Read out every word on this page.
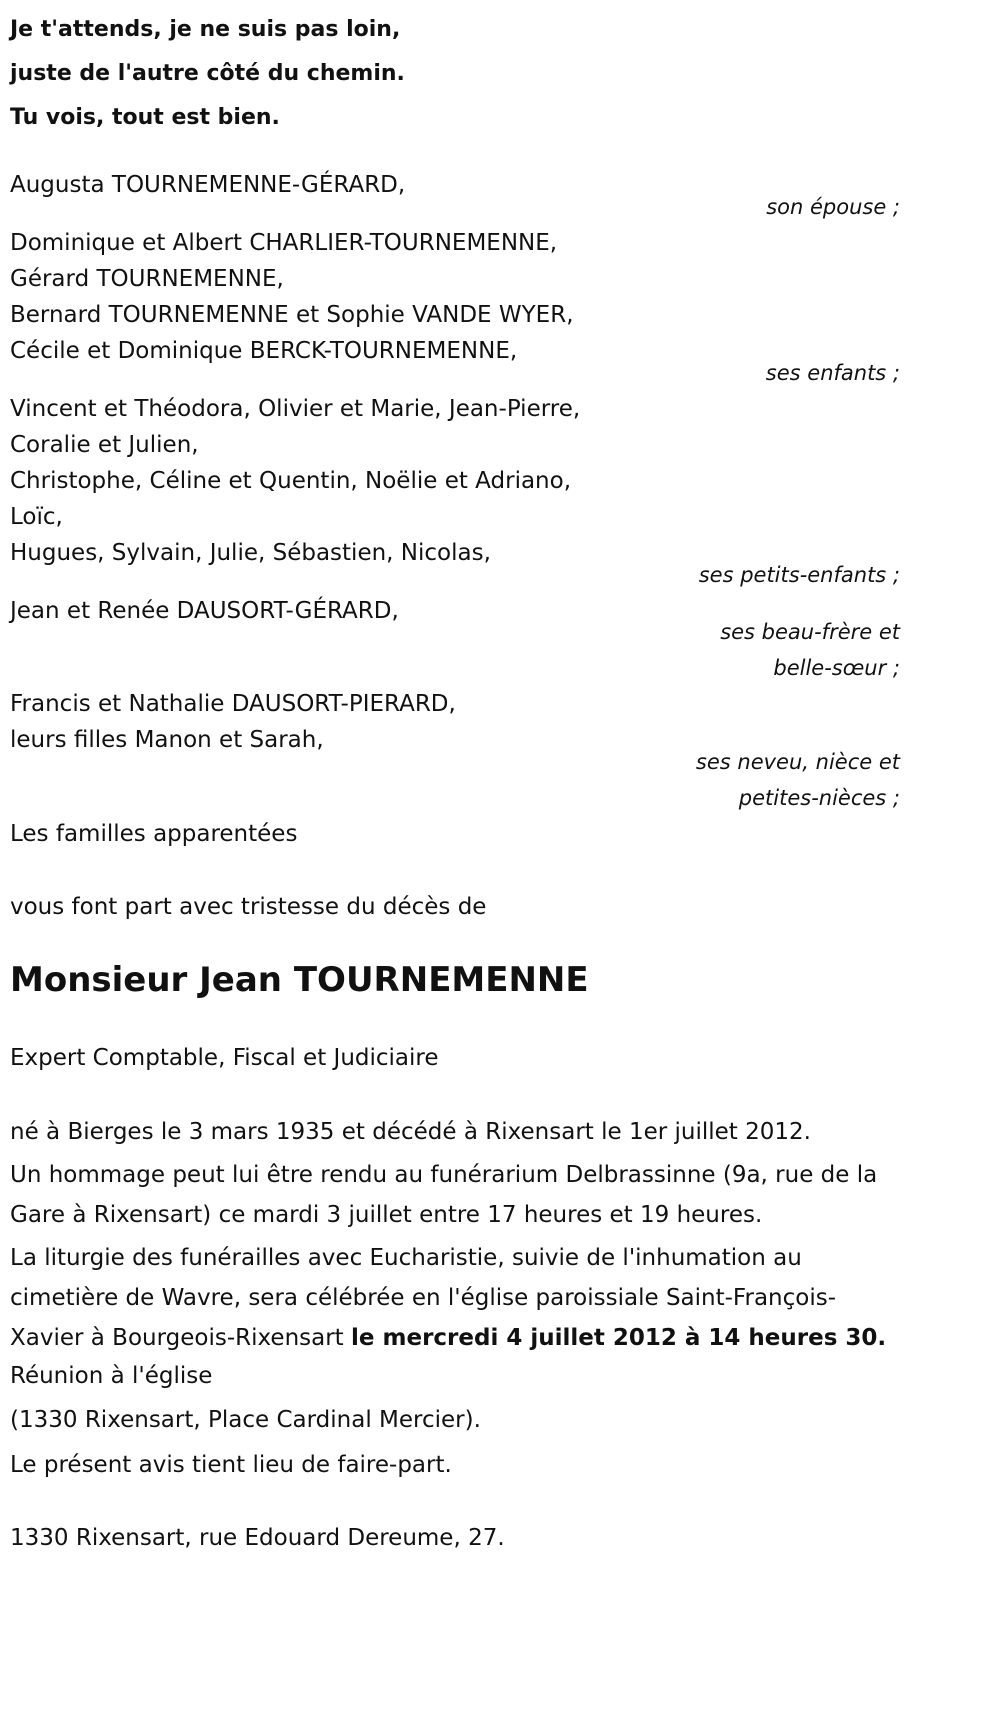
Je t'attends, je ne suis pas loin,
juste de l'autre côté du chemin.
Tu vois, tout est bien.
Augusta TOURNEMENNE-GÉRARD,
son épouse ;
Dominique et Albert CHARLIER-TOURNEMENNE,
Gérard TOURNEMENNE,
Bernard TOURNEMENNE et Sophie VANDE WYER,
Cécile et Dominique BERCK-TOURNEMENNE,
ses enfants ;
Vincent et Théodora, Olivier et Marie, Jean-Pierre,
Coralie et Julien,
Christophe, Céline et Quentin, Noëlie et Adriano,
Loïc,
Hugues, Sylvain, Julie, Sébastien, Nicolas,
ses petits-enfants ;
Jean et Renée DAUSORT-GÉRARD,
ses beau-frère et
belle-sœur ;
Francis et Nathalie DAUSORT-PIERARD,
leurs filles Manon et Sarah,
ses neveu, nièce et
petites-nièces ;
Les familles apparentées
vous font part avec tristesse du décès de
Monsieur Jean TOURNEMENNE
Expert Comptable, Fiscal et Judiciaire
né à Bierges le 3 mars 1935 et décédé à Rixensart le 1er juillet 2012.
Un hommage peut lui être rendu au funérarium Delbrassinne (9a, rue de la Gare à Rixensart) ce mardi 3 juillet entre 17 heures et 19 heures.
La liturgie des funérailles avec Eucharistie, suivie de l'inhumation au cimetière de Wavre, sera célébrée en l'église paroissiale Saint-François-Xavier à Bourgeois-Rixensart le mercredi 4 juillet 2012 à 14 heures 30.
Réunion à l'église
(1330 Rixensart, Place Cardinal Mercier).
Le présent avis tient lieu de faire-part.
1330 Rixensart, rue Edouard Dereume, 27.
